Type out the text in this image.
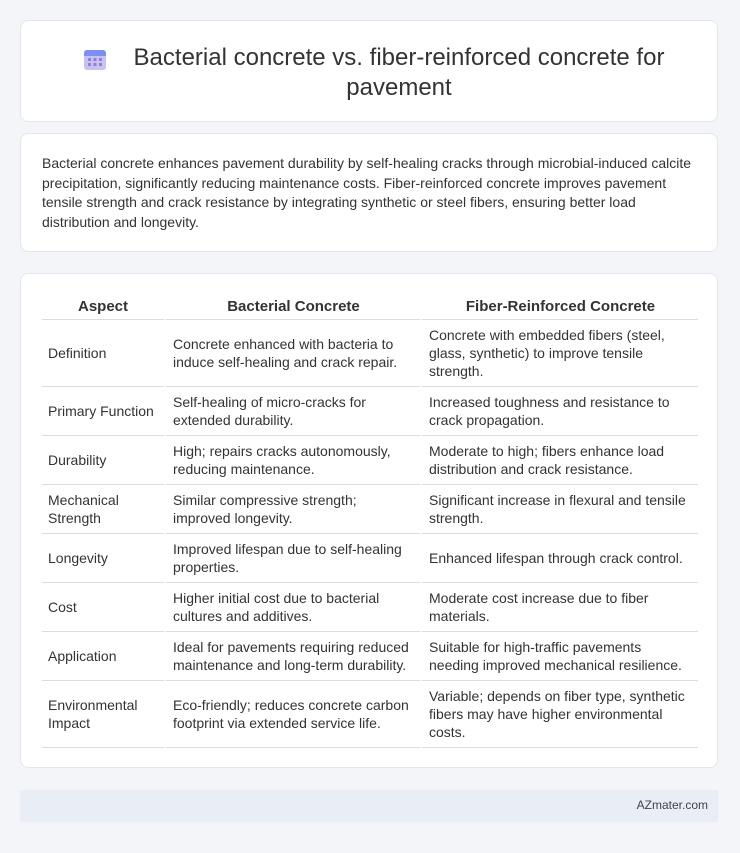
Bacterial concrete vs. fiber-reinforced concrete for pavement

Bacterial concrete enhances pavement durability by self-healing cracks through microbial-induced calcite precipitation, significantly reducing maintenance costs. Fiber-reinforced concrete improves pavement tensile strength and crack resistance by integrating synthetic or steel fibers, ensuring better load distribution and longevity.

Aspect	Bacterial Concrete	Fiber-Reinforced Concrete
Definition	Concrete enhanced with bacteria to induce self-healing and crack repair.	Concrete with embedded fibers (steel, glass, synthetic) to improve tensile strength.
Primary Function	Self-healing of micro-cracks for extended durability.	Increased toughness and resistance to crack propagation.
Durability	High; repairs cracks autonomously, reducing maintenance.	Moderate to high; fibers enhance load distribution and crack resistance.
Mechanical Strength	Similar compressive strength; improved longevity.	Significant increase in flexural and tensile strength.
Longevity	Improved lifespan due to self-healing properties.	Enhanced lifespan through crack control.
Cost	Higher initial cost due to bacterial cultures and additives.	Moderate cost increase due to fiber materials.
Application	Ideal for pavements requiring reduced maintenance and long-term durability.	Suitable for high-traffic pavements needing improved mechanical resilience.
Environmental Impact	Eco-friendly; reduces concrete carbon footprint via extended service life.	Variable; depends on fiber type, synthetic fibers may have higher environmental costs.
AZmater.com
